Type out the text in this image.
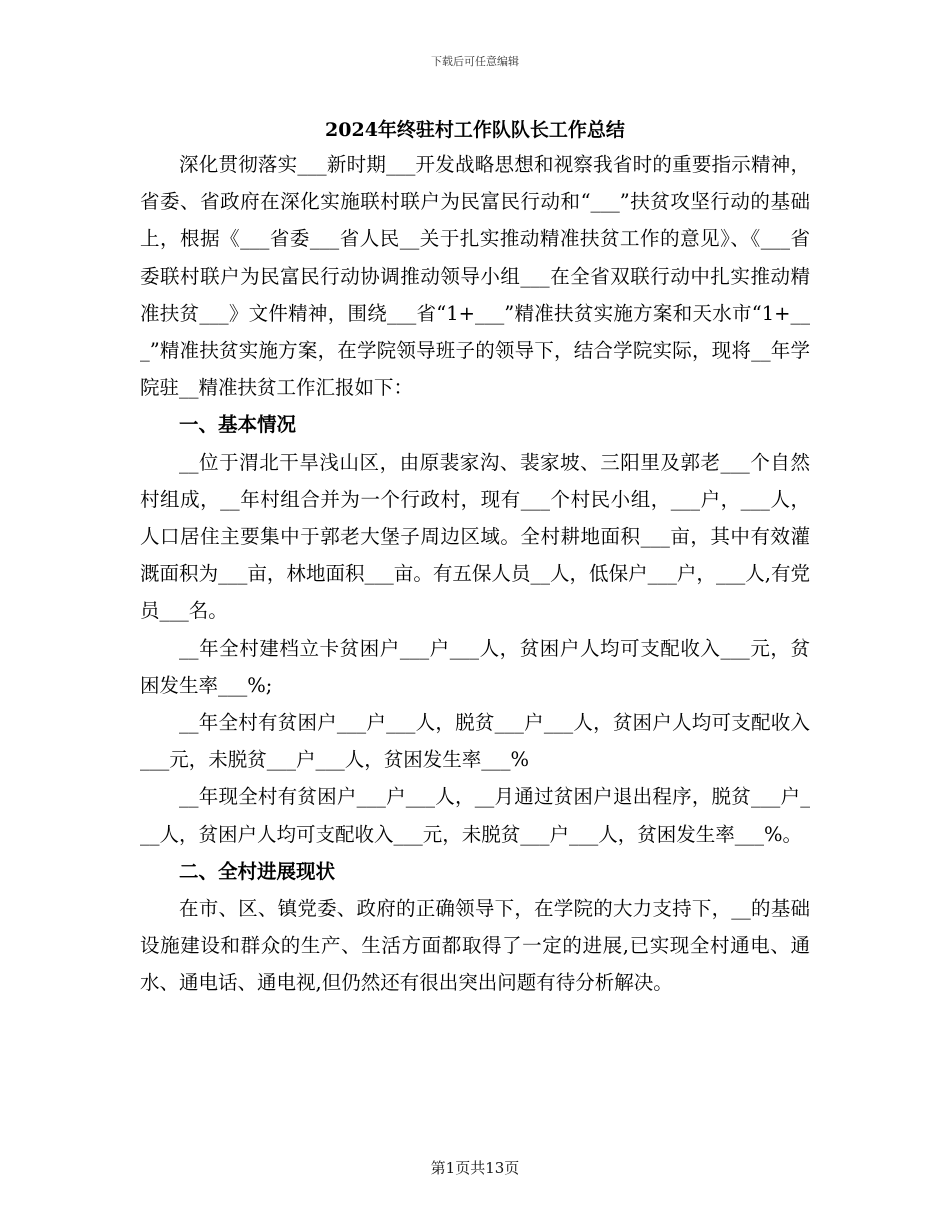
下载后可任意编辑
2024年终驻村工作队队长工作总结

深化贯彻落实___新时期___开发战略思想和视察我省时的重要指示精神，省委、省政府在深化实施联村联户为民富民行动和“___”扶贫攻坚行动的基础上，根据《___省委___省人民__关于扎实推动精准扶贫工作的意见》、《___省委联村联户为民富民行动协调推动领导小组___在全省双联行动中扎实推动精准扶贫___》文件精神，围绕___省“1+___”精准扶贫实施方案和天水市“1+___”精准扶贫实施方案，在学院领导班子的领导下，结合学院实际，现将__年学院驻__精准扶贫工作汇报如下：

一、基本情况

__位于渭北干旱浅山区，由原裴家沟、裴家坡、三阳里及郭老___个自然村组成，__年村组合并为一个行政村，现有___个村民小组，___户，___人，人口居住主要集中于郭老大堡子周边区域。全村耕地面积___亩，其中有效灌溉面积为___亩，林地面积___亩。有五保人员__人，低保户___户，___人,有党员___名。

__年全村建档立卡贫困户___户___人，贫困户人均可支配收入___元，贫困发生率___%;

__年全村有贫困户___户___人，脱贫___户___人，贫困户人均可支配收入___元，未脱贫___户___人，贫困发生率___%

__年现全村有贫困户___户___人，__月通过贫困户退出程序，脱贫___户___人，贫困户人均可支配收入___元，未脱贫___户___人，贫困发生率___%。

二、全村进展现状

在市、区、镇党委、政府的正确领导下，在学院的大力支持下，__的基础设施建设和群众的生产、生活方面都取得了一定的进展,已实现全村通电、通水、通电话、通电视,但仍然还有很出突出问题有待分析解决。

第1页共13页
